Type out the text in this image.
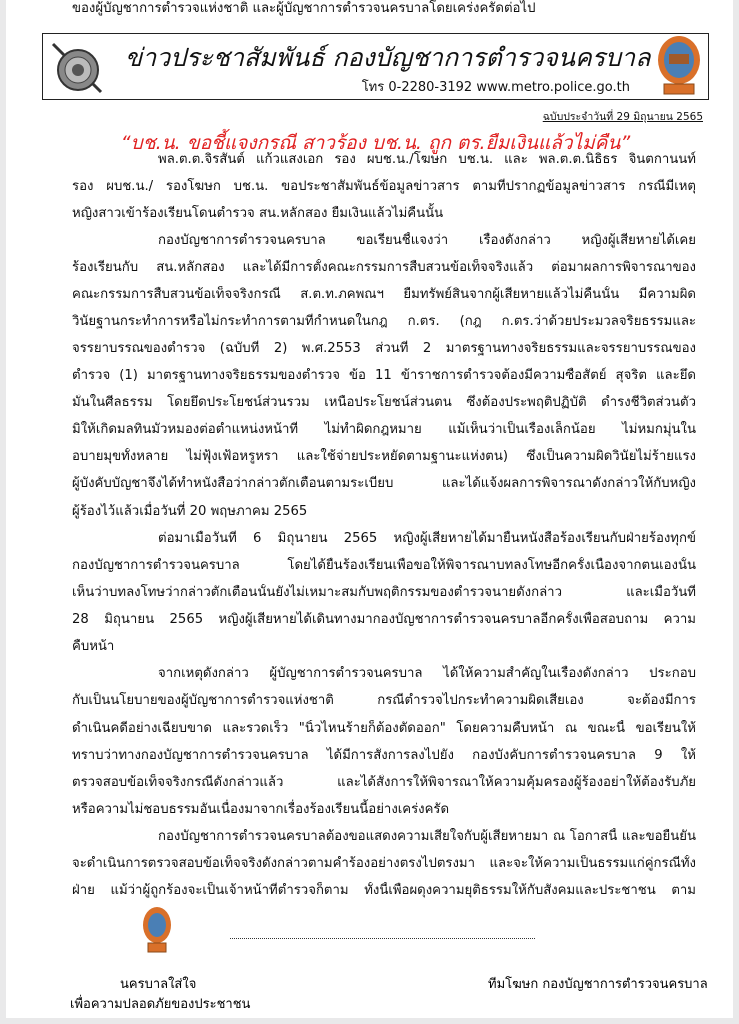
ข่าวประชาสัมพันธ์ กองบัญชาการตำรวจนครบาล
โทร 0-2280-3192 www.metro.police.go.th
ฉบับประจำวันที่ 29 มิถุนายน 2565
“บช.น. ขอชี้แจงกรณี สาวร้อง บช.น. ถูก ตร.ยืมเงินแล้วไม่คืน”
พล.ต.ต.จิรสันต์ แก้วแสงเอก รอง ผบช.น./โฆษก บช.น. และ พล.ต.ต.นิธิธร จินตกานนท์
รอง ผบช.น./ รองโฆษก บช.น. ขอประชาสัมพันธ์ข้อมูลข่าวสาร ตามที่ปรากฏข้อมูลข่าวสาร กรณีมีเหตุ
หญิงสาวเข้าร้องเรียนโดนตำรวจ สน.หลักสอง ยืมเงินแล้วไม่คืนนั้น
กองบัญชาการตำรวจนครบาล ขอเรียนชี้แจงว่า เรื่องดังกล่าว หญิงผู้เสียหายได้เคย
ร้องเรียนกับ สน.หลักสอง และได้มีการตั้งคณะกรรมการสืบสวนข้อเท็จจริงแล้ว ต่อมาผลการพิจารณาของ
คณะกรรมการสืบสวนข้อเท็จจริงกรณี ส.ต.ท.ภคพณฯ ยืมทรัพย์สินจากผู้เสียหายแล้วไม่คืนนั้น มีความผิด
วินัยฐานกระทำการหรือไม่กระทำการตามที่กำหนดในกฎ ก.ตร. (กฎ ก.ตร.ว่าด้วยประมวลจริยธรรมและ
จรรยาบรรณของตำรวจ (ฉบับที่ 2) พ.ศ.2553 ส่วนที่ 2 มาตรฐานทางจริยธรรมและจรรยาบรรณของ
ตำรวจ (1) มาตรฐานทางจริยธรรมของตำรวจ ข้อ 11 ข้าราชการตำรวจต้องมีความซื่อสัตย์ สุจริต และยึด
มั่นในศีลธรรม โดยยึดประโยชน์ส่วนรวม เหนือประโยชน์ส่วนตน ซึ่งต้องประพฤติปฏิบัติ ดำรงชีวิตส่วนตัว
มิให้เกิดมลทินมัวหมองต่อตำแหน่งหน้าที่ ไม่ทำผิดกฎหมาย แม้เห็นว่าเป็นเรื่องเล็กน้อย ไม่หมกมุ่นใน
อบายมุขทั้งหลาย ไม่ฟุ้งเฟ้อหรูหรา และใช้จ่ายประหยัดตามฐานะแห่งตน) ซึ่งเป็นความผิดวินัยไม่ร้ายแรง
ผู้บังคับบัญชาจึงได้ทำหนังสือว่ากล่าวตักเตือนตามระเบียบ และได้แจ้งผลการพิจารณาดังกล่าวให้กับหญิง
ผู้ร้องไว้แล้วเมื่อวันที่ 20 พฤษภาคม 2565
ต่อมาเมื่อวันที่ 6 มิถุนายน 2565 หญิงผู้เสียหายได้มายื่นหนังสือร้องเรียนกับฝ่ายร้องทุกข์
กองบัญชาการตำรวจนครบาล โดยได้ยื่นร้องเรียนเพื่อขอให้พิจารณาบทลงโทษอีกครั้งเนื่องจากตนเองนั้น
เห็นว่าบทลงโทษว่ากล่าวตักเตือนนั้นยังไม่เหมาะสมกับพฤติกรรมของตำรวจนายดังกล่าว และเมื่อวันที่
28 มิถุนายน 2565 หญิงผู้เสียหายได้เดินทางมากองบัญชาการตำรวจนครบาลอีกครั้งเพื่อสอบถาม ความ
คืบหน้า
จากเหตุดังกล่าว ผู้บัญชาการตำรวจนครบาล ได้ให้ความสำคัญในเรื่องดังกล่าว ประกอบ
กับเป็นนโยบายของผู้บัญชาการตำรวจแห่งชาติ กรณีตำรวจไปกระทำความผิดเสียเอง จะต้องมีการ
ดำเนินคดีอย่างเฉียบขาด และรวดเร็ว "นิ้วไหนร้ายก็ต้องตัดออก" โดยความคืบหน้า ณ ขณะนี้ ขอเรียนให้
ทราบว่าทางกองบัญชาการตำรวจนครบาล ได้มีการสั่งการลงไปยัง กองบังคับการตำรวจนครบาล 9 ให้
ตรวจสอบข้อเท็จจริงกรณีดังกล่าวแล้ว และได้สั่งการให้พิจารณาให้ความคุ้มครองผู้ร้องอย่าให้ต้องรับภัย
หรือความไม่ชอบธรรมอันเนื่องมาจากเรื่องร้องเรียนนี้อย่างเคร่งครัด
กองบัญชาการตำรวจนครบาลต้องขอแสดงความเสียใจกับผู้เสียหายมา ณ โอกาสนี้ และขอยืนยัน
จะดำเนินการตรวจสอบข้อเท็จจริงดังกล่าวตามคำร้องอย่างตรงไปตรงมา และจะให้ความเป็นธรรมแก่คู่กรณีทั้ง
ฝ่าย แม้ว่าผู้ถูกร้องจะเป็นเจ้าหน้าที่ตำรวจก็ตาม ทั้งนี้เพื่อผดุงความยุติธรรมให้กับสังคมและประชาชน ตาม
ของผู้บัญชาการตำรวจแห่งชาติ และผู้บัญชาการตำรวจนครบาลโดยเคร่งครัดต่อไป
นครบาลใส่ใจ
เพื่อความปลอดภัยของประชาชน
ทีมโฆษก กองบัญชาการตำรวจนครบาล
